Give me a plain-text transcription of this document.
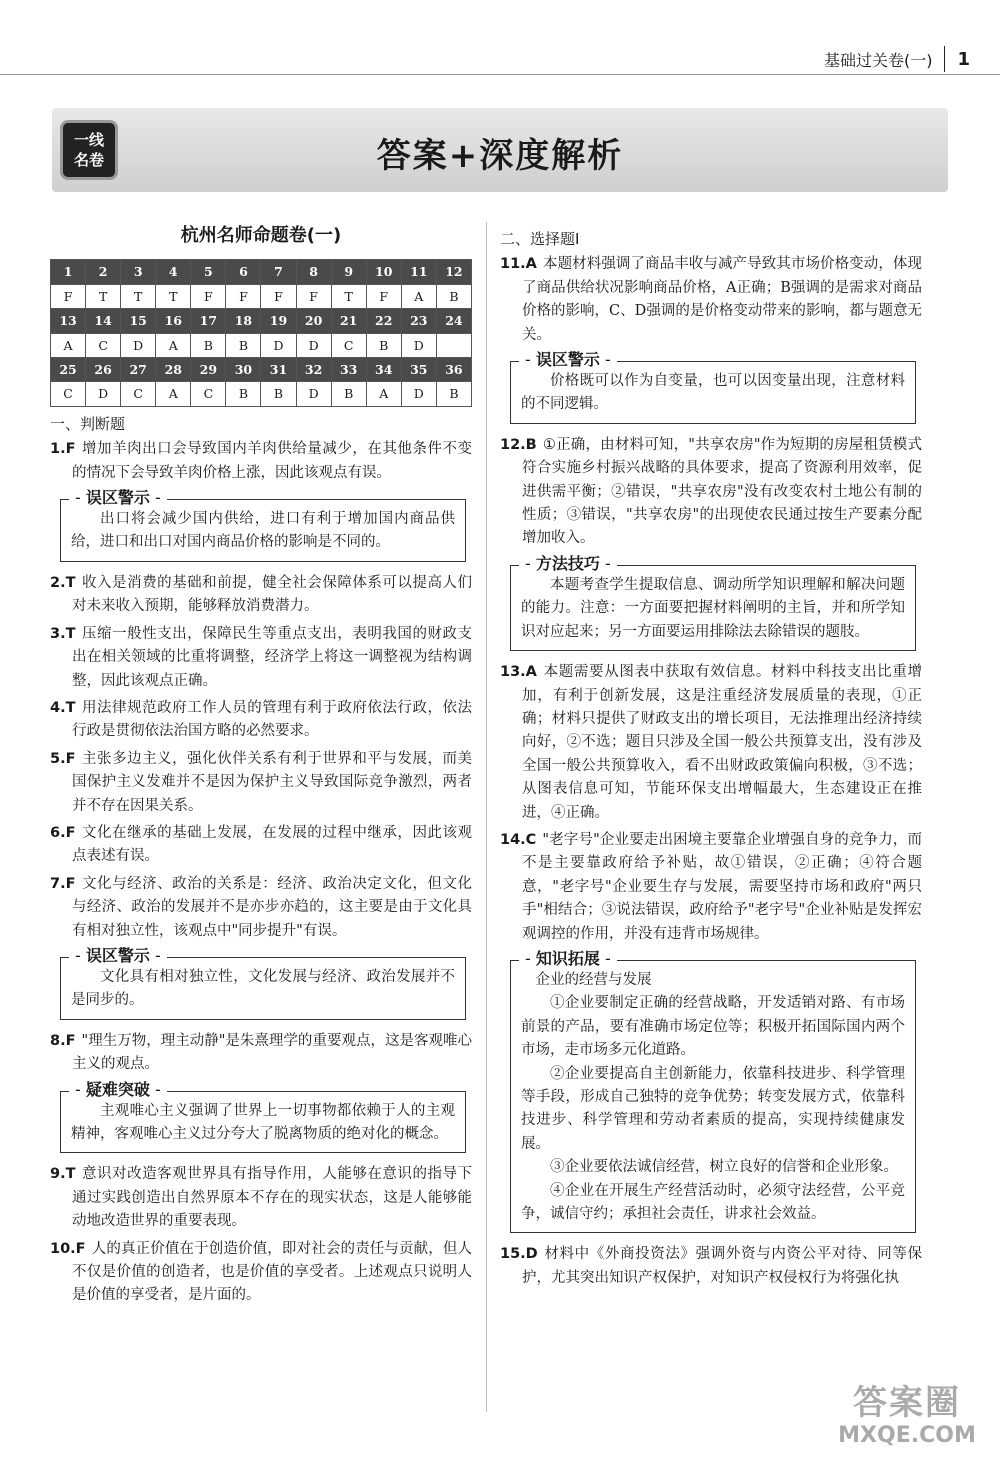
基础过关卷(一) 1
一线
名卷	答案+深度解析
杭州名师命题卷(一)
1	2	3	4	5	6	7	8	9	10	11	12
F	T	T	T	F	F	F	F	T	F	A	B
13	14	15	16	17	18	19	20	21	22	23	24
A	C	D	A	B	B	D	D	C	B	D	
25	26	27	28	29	30	31	32	33	34	35	36
C	D	C	A	C	B	B	D	B	A	D	B
一、判断题

1.F 增加羊肉出口会导致国内羊肉供给量减少，在其他条件不变的情况下会导致羊肉价格上涨，因此该观点有误。

- 误区警示 -

出口将会减少国内供给，进口有利于增加国内商品供给，进口和出口对国内商品价格的影响是不同的。

2.T 收入是消费的基础和前提，健全社会保障体系可以提高人们对未来收入预期，能够释放消费潜力。

3.T 压缩一般性支出，保障民生等重点支出，表明我国的财政支出在相关领域的比重将调整，经济学上将这一调整视为结构调整，因此该观点正确。

4.T 用法律规范政府工作人员的管理有利于政府依法行政，依法行政是贯彻依法治国方略的必然要求。

5.F 主张多边主义，强化伙伴关系有利于世界和平与发展，而美国保护主义发难并不是因为保护主义导致国际竞争激烈，两者并不存在因果关系。

6.F 文化在继承的基础上发展，在发展的过程中继承，因此该观点表述有误。

7.F 文化与经济、政治的关系是：经济、政治决定文化，但文化与经济、政治的发展并不是亦步亦趋的，这主要是由于文化具有相对独立性，该观点中"同步提升"有误。

- 误区警示 -

文化具有相对独立性，文化发展与经济、政治发展并不是同步的。

8.F "理生万物，理主动静"是朱熹理学的重要观点，这是客观唯心主义的观点。

- 疑难突破 -

主观唯心主义强调了世界上一切事物都依赖于人的主观精神，客观唯心主义过分夸大了脱离物质的绝对化的概念。

9.T 意识对改造客观世界具有指导作用，人能够在意识的指导下通过实践创造出自然界原本不存在的现实状态，这是人能够能动地改造世界的重要表现。

10.F 人的真正价值在于创造价值，即对社会的责任与贡献，但人不仅是价值的创造者，也是价值的享受者。上述观点只说明人是价值的享受者，是片面的。

二、选择题Ⅰ

11.A 本题材料强调了商品丰收与减产导致其市场价格变动，体现了商品供给状况影响商品价格，A正确；B强调的是需求对商品价格的影响，C、D强调的是价格变动带来的影响，都与题意无关。

- 误区警示 -

价格既可以作为自变量，也可以因变量出现，注意材料的不同逻辑。

12.B ①正确，由材料可知，"共享农房"作为短期的房屋租赁模式符合实施乡村振兴战略的具体要求，提高了资源利用效率，促进供需平衡；②错误，"共享农房"没有改变农村土地公有制的性质；③错误，"共享农房"的出现使农民通过按生产要素分配增加收入。

- 方法技巧 -

本题考查学生提取信息、调动所学知识理解和解决问题的能力。注意：一方面要把握材料阐明的主旨，并和所学知识对应起来；另一方面要运用排除法去除错误的题肢。

13.A 本题需要从图表中获取有效信息。材料中科技支出比重增加，有利于创新发展，这是注重经济发展质量的表现，①正确；材料只提供了财政支出的增长项目，无法推理出经济持续向好，②不选；题目只涉及全国一般公共预算支出，没有涉及全国一般公共预算收入，看不出财政政策偏向积极，③不选；从图表信息可知，节能环保支出增幅最大，生态建设正在推进，④正确。

14.C "老字号"企业要走出困境主要靠企业增强自身的竞争力，而不是主要靠政府给予补贴，故①错误，②正确；④符合题意，"老字号"企业要生存与发展，需要坚持市场和政府"两只手"相结合；③说法错误，政府给予"老字号"企业补贴是发挥宏观调控的作用，并没有违背市场规律。

- 知识拓展 -

企业的经营与发展

①企业要制定正确的经营战略，开发适销对路、有市场前景的产品，要有准确市场定位等；积极开拓国际国内两个市场，走市场多元化道路。

②企业要提高自主创新能力，依靠科技进步、科学管理等手段，形成自己独特的竞争优势；转变发展方式，依靠科技进步、科学管理和劳动者素质的提高，实现持续健康发展。

③企业要依法诚信经营，树立良好的信誉和企业形象。

④企业在开展生产经营活动时，必须守法经营，公平竞争，诚信守约；承担社会责任，讲求社会效益。

15.D 材料中《外商投资法》强调外资与内资公平对待、同等保护，尤其突出知识产权保护，对知识产权侵权行为将强化执

答案圈
MXQE.COM
